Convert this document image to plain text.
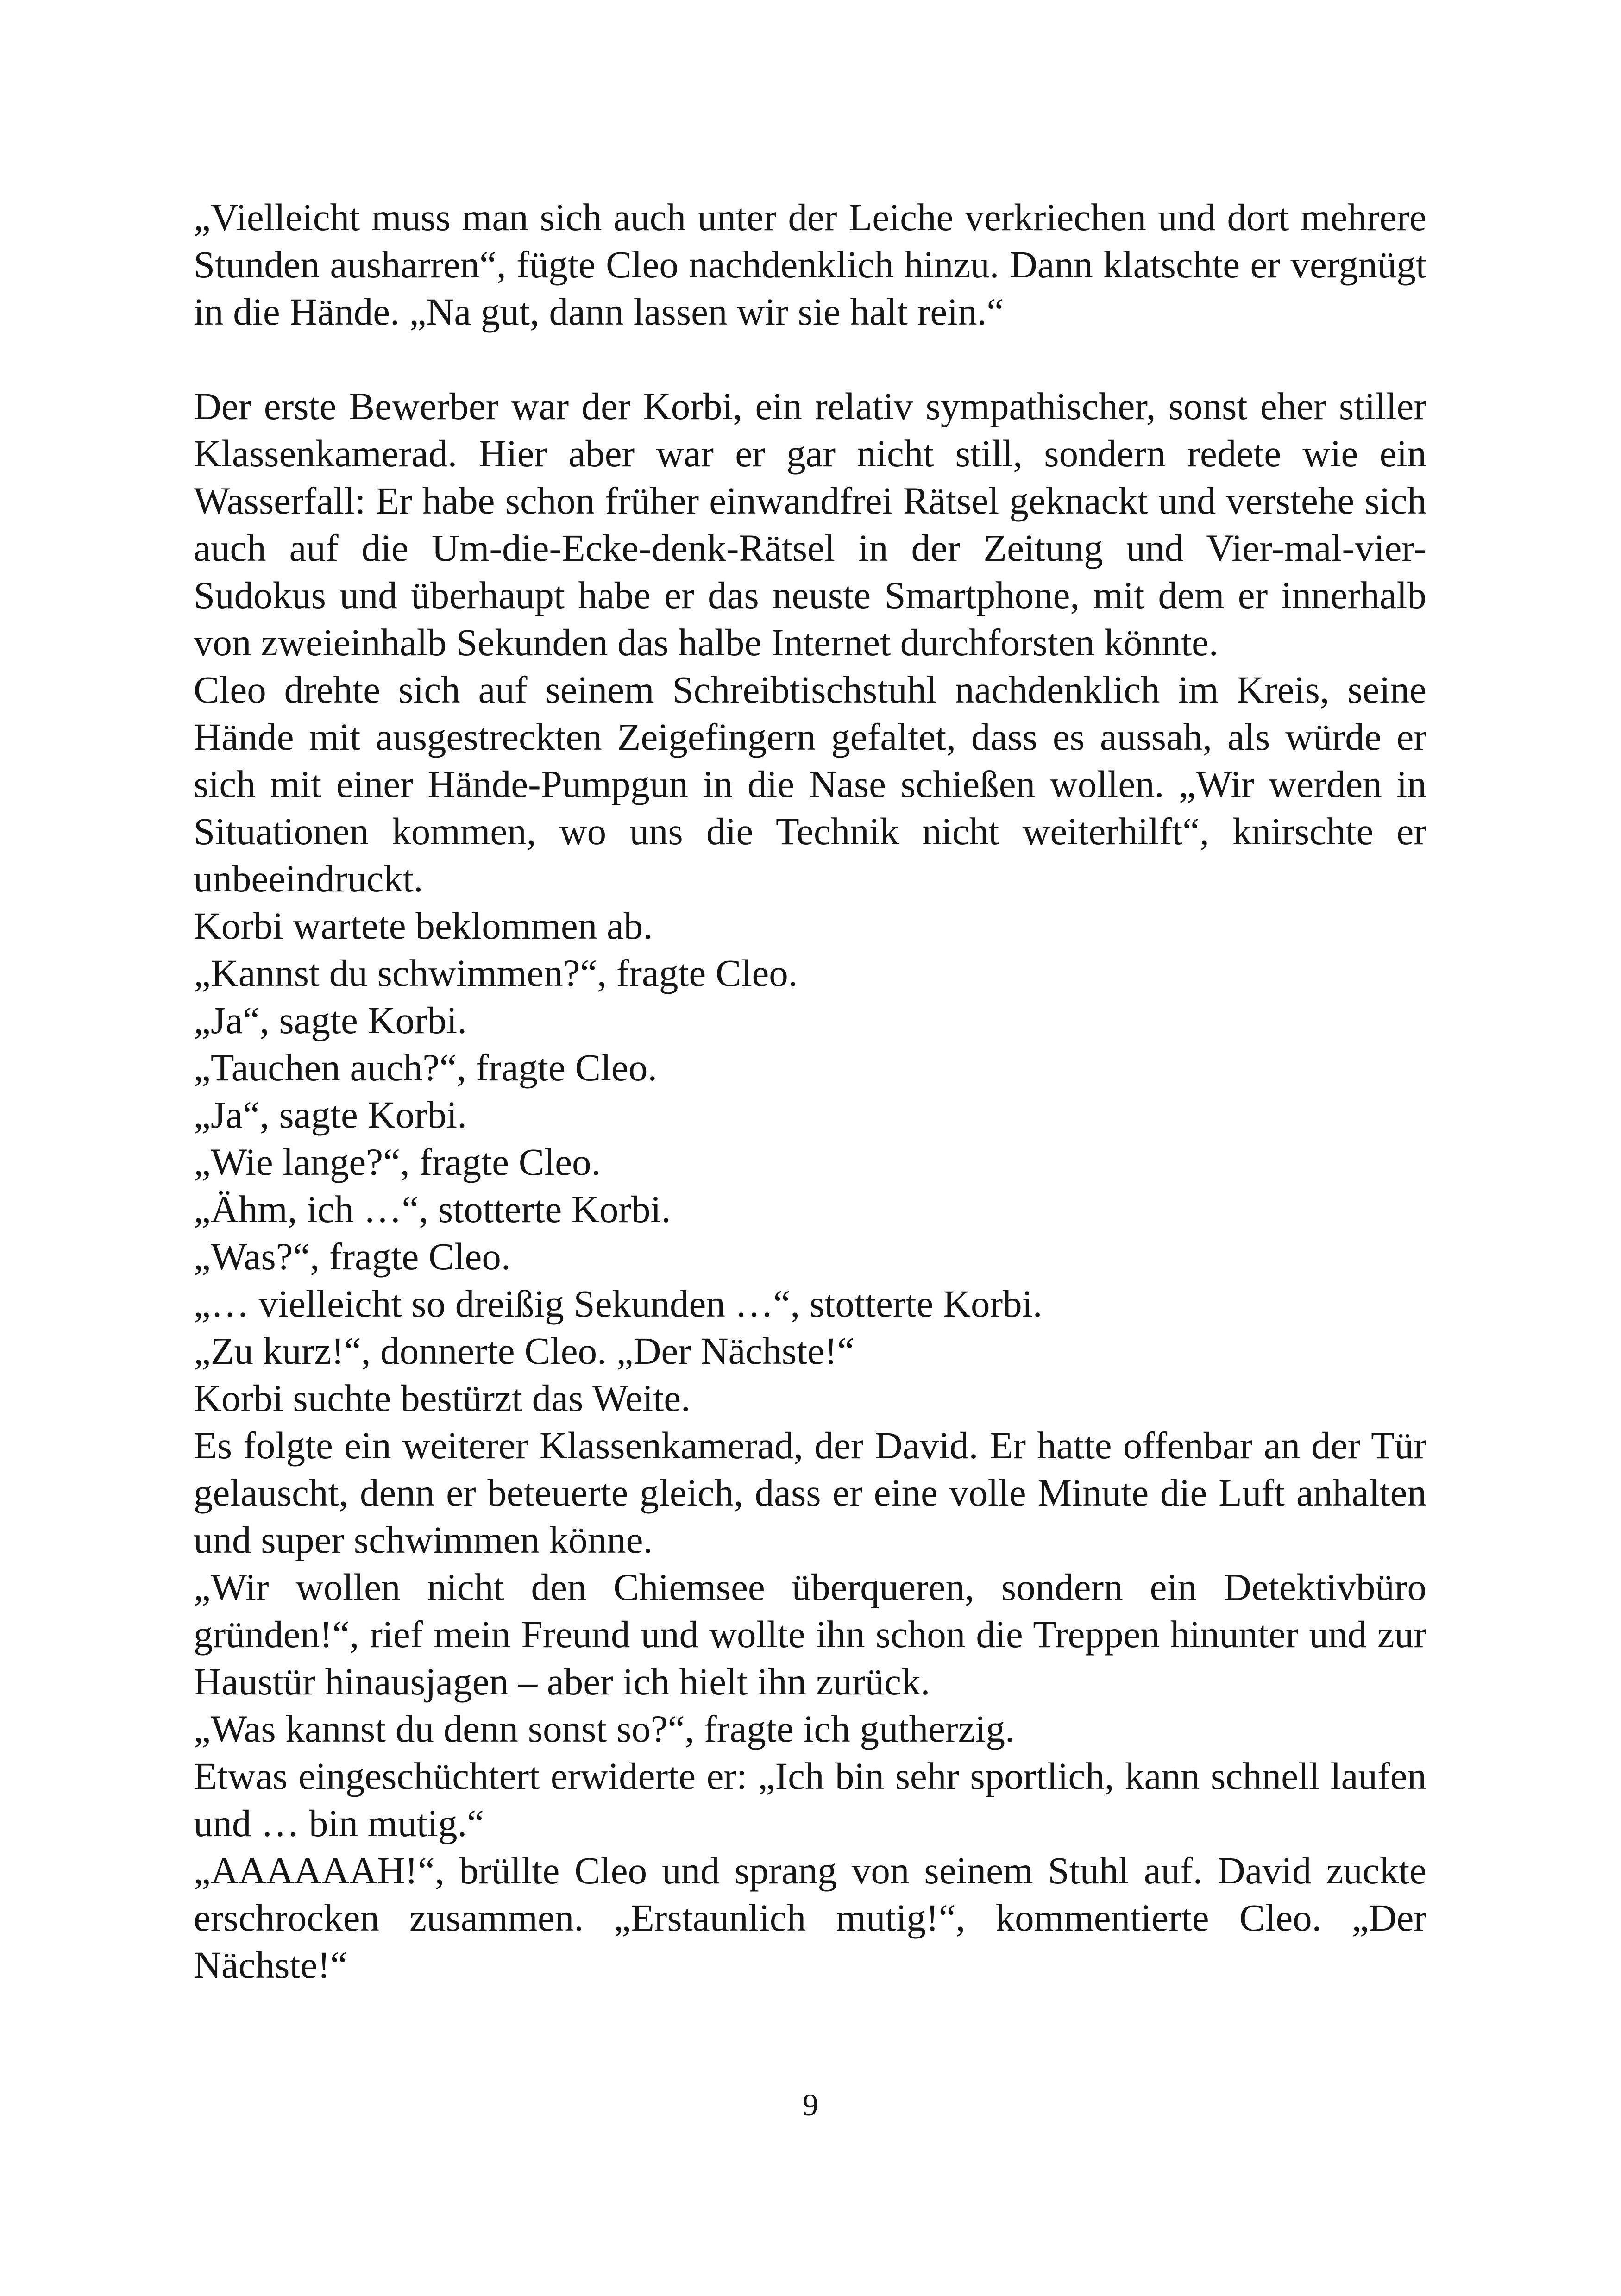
„Vielleicht muss man sich auch unter der Leiche verkriechen und dort mehrere Stunden ausharren“, fügte Cleo nachdenklich hinzu. Dann klatschte er vergnügt in die Hände. „Na gut, dann lassen wir sie halt rein.“

Der erste Bewerber war der Korbi, ein relativ sympathischer, sonst eher stiller Klassenkamerad. Hier aber war er gar nicht still, sondern redete wie ein Wasserfall: Er habe schon früher einwandfrei Rätsel geknackt und verstehe sich auch auf die Um-die-Ecke-denk-Rätsel in der Zeitung und Vier-mal-vier-Sudokus und überhaupt habe er das neuste Smartphone, mit dem er innerhalb von zweieinhalb Sekunden das halbe Internet durchforsten könnte.

Cleo drehte sich auf seinem Schreibtischstuhl nachdenklich im Kreis, seine Hände mit ausgestreckten Zeigefingern gefaltet, dass es aussah, als würde er sich mit einer Hände-Pumpgun in die Nase schießen wollen. „Wir werden in Situationen kommen, wo uns die Technik nicht weiterhilft“, knirschte er unbeeindruckt.

Korbi wartete beklommen ab.

„Kannst du schwimmen?“, fragte Cleo.

„Ja“, sagte Korbi.

„Tauchen auch?“, fragte Cleo.

„Ja“, sagte Korbi.

„Wie lange?“, fragte Cleo.

„Ähm, ich …“, stotterte Korbi.

„Was?“, fragte Cleo.

„… vielleicht so dreißig Sekunden …“, stotterte Korbi.

„Zu kurz!“, donnerte Cleo. „Der Nächste!“

Korbi suchte bestürzt das Weite.

Es folgte ein weiterer Klassenkamerad, der David. Er hatte offenbar an der Tür gelauscht, denn er beteuerte gleich, dass er eine volle Minute die Luft anhalten und super schwimmen könne.

„Wir wollen nicht den Chiemsee überqueren, sondern ein Detektivbüro gründen!“, rief mein Freund und wollte ihn schon die Treppen hinunter und zur Haustür hinausjagen – aber ich hielt ihn zurück.

„Was kannst du denn sonst so?“, fragte ich gutherzig.

Etwas eingeschüchtert erwiderte er: „Ich bin sehr sportlich, kann schnell laufen und … bin mutig.“

„AAAAAAH!“, brüllte Cleo und sprang von seinem Stuhl auf. David zuckte erschrocken zusammen. „Erstaunlich mutig!“, kommentierte Cleo. „Der Nächste!“

9
